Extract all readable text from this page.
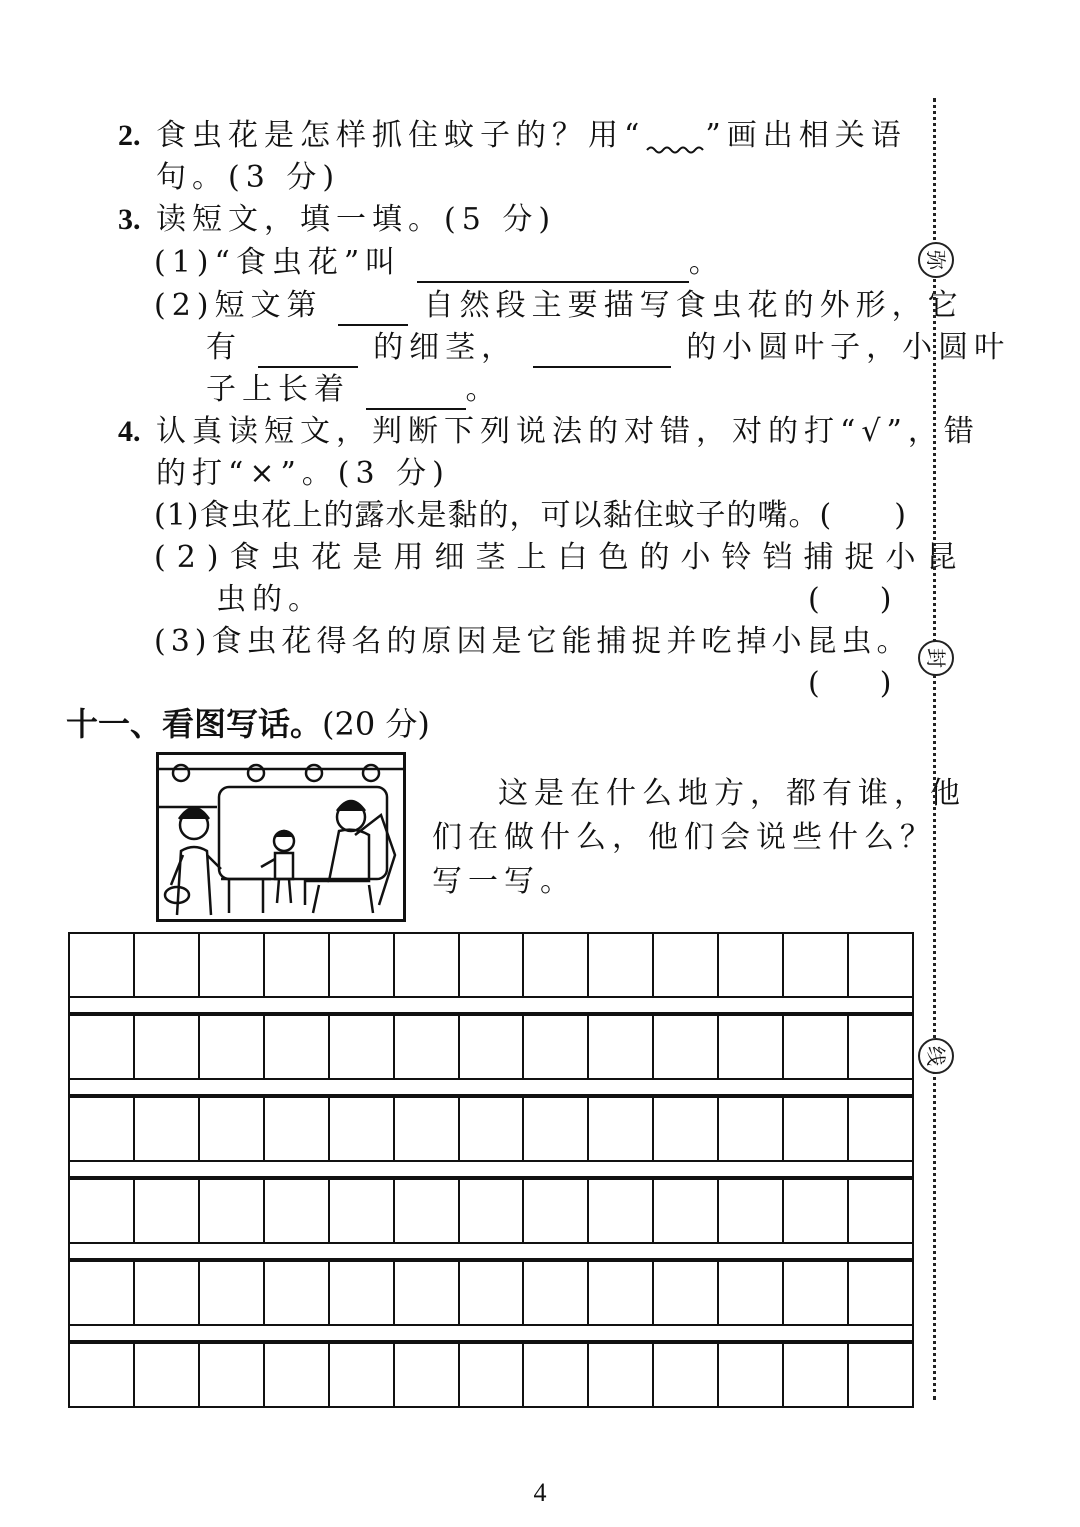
2. 食虫花是怎样抓住蚊子的？用“ ”画出相关语
句。(3 分)
3. 读短文，填一填。(5 分)
(1)“食虫花”叫	。
(2)短文第	自然段主要描写食虫花的外形，它
有	的细茎，	的小圆叶子，小圆叶
子上长着	。
4. 认真读短文，判断下列说法的对错，对的打“√”，错
的打“×”。(3 分)
(1)食虫花上的露水是黏的，可以黏住蚊子的嘴。(　　)
(2)食虫花是用细茎上白色的小铃铛捕捉小昆
虫的。	(　　)
(3)食虫花得名的原因是它能捕捉并吃掉小昆虫。
(　　)
十一、看图写话。(20 分)
这是在什么地方，都有谁，他
们在做什么，他们会说些什么？
写一写。
弥
封
线
4
